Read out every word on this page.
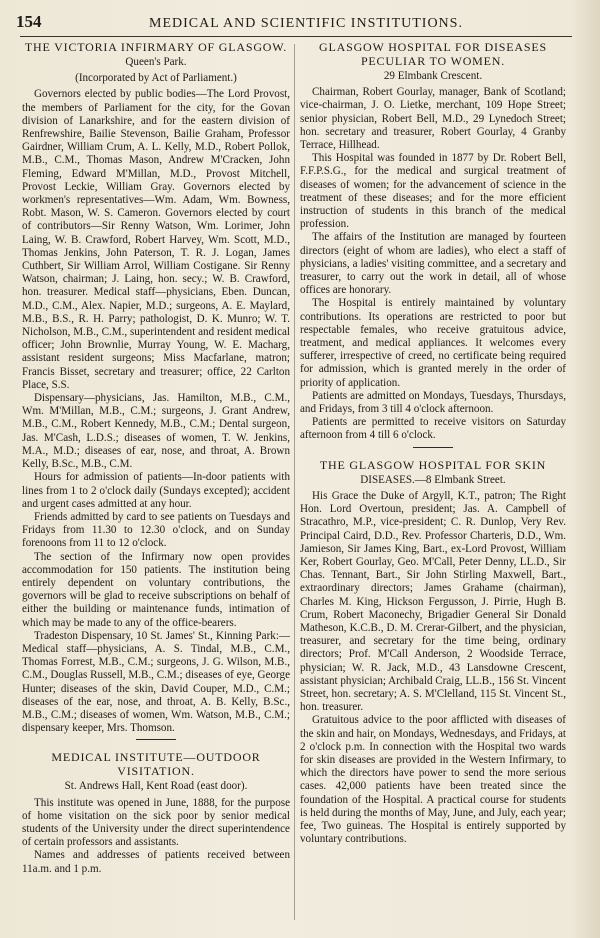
154	MEDICAL AND SCIENTIFIC INSTITUTIONS.
THE VICTORIA INFIRMARY OF GLASGOW.
Queen's Park.
(Incorporated by Act of Parliament.)

Governors elected by public bodies—The Lord Provost, the members of Parliament for the city, for the Govan division of Lanarkshire, and for the eastern division of Renfrewshire, Bailie Stevenson, Bailie Graham, Professor Gairdner, William Crum, A. L. Kelly, M.D., Robert Pollok, M.B., C.M., Thomas Mason, Andrew M'Cracken, John Fleming, Edward M'Millan, M.D., Provost Mitchell, Provost Leckie, William Gray. Governors elected by workmen's representatives—Wm. Adam, Wm. Bowness, Robt. Mason, W. S. Cameron. Governors elected by court of contributors—Sir Renny Watson, Wm. Lorimer, John Laing, W. B. Crawford, Robert Harvey, Wm. Scott, M.D., Thomas Jenkins, John Paterson, T. R. J. Logan, James Cuthbert, Sir William Arrol, William Costigane. Sir Renny Watson, chairman; J. Laing, hon. secy.; W. B. Crawford, hon. treasurer. Medical staff—physicians, Eben. Duncan, M.D., C.M., Alex. Napier, M.D.; surgeons, A. E. Maylard, M.B., B.S., R. H. Parry; pathologist, D. K. Munro; W. T. Nicholson, M.B., C.M., superintendent and resident medical officer; John Brownlie, Murray Young, W. E. Macharg, assistant resident surgeons; Miss Macfarlane, matron; Francis Bisset, secretary and treasurer; office, 22 Carlton Place, S.S.

Dispensary—physicians, Jas. Hamilton, M.B., C.M., Wm. M'Millan, M.B., C.M.; surgeons, J. Grant Andrew, M.B., C.M., Robert Kennedy, M.B., C.M.; Dental surgeon, Jas. M'Cash, L.D.S.; diseases of women, T. W. Jenkins, M.A., M.D.; diseases of ear, nose, and throat, A. Brown Kelly, B.Sc., M.B., C.M.

Hours for admission of patients—In-door patients with lines from 1 to 2 o'clock daily (Sundays excepted); accident and urgent cases admitted at any hour.

Friends admitted by card to see patients on Tuesdays and Fridays from 11.30 to 12.30 o'clock, and on Sunday forenoons from 11 to 12 o'clock.

The section of the Infirmary now open provides accommodation for 150 patients. The institution being entirely dependent on voluntary contributions, the governors will be glad to receive subscriptions on behalf of either the building or maintenance funds, intimation of which may be made to any of the office-bearers.

Tradeston Dispensary, 10 St. James' St., Kinning Park:—Medical staff—physicians, A. S. Tindal, M.B., C.M., Thomas Forrest, M.B., C.M.; surgeons, J. G. Wilson, M.B., C.M., Douglas Russell, M.B., C.M.; diseases of eye, George Hunter; diseases of the skin, David Couper, M.D., C.M.; diseases of the ear, nose, and throat, A. B. Kelly, B.Sc., M.B., C.M.; diseases of women, Wm. Watson, M.B., C.M.; dispensary keeper, Mrs. Thomson.

MEDICAL INSTITUTE—OUTDOOR VISITATION.
St. Andrews Hall, Kent Road (east door).

This institute was opened in June, 1888, for the purpose of home visitation on the sick poor by senior medical students of the University under the direct superintendence of certain professors and assistants.

Names and addresses of patients received between 11a.m. and 1 p.m.

GLASGOW HOSPITAL FOR DISEASES PECULIAR TO WOMEN.
29 Elmbank Crescent.

Chairman, Robert Gourlay, manager, Bank of Scotland; vice-chairman, J. O. Lietke, merchant, 109 Hope Street; senior physician, Robert Bell, M.D., 29 Lynedoch Street; hon. secretary and treasurer, Robert Gourlay, 4 Granby Terrace, Hillhead.

This Hospital was founded in 1877 by Dr. Robert Bell, F.F.P.S.G., for the medical and surgical treatment of diseases of women; for the advancement of science in the treatment of these diseases; and for the more efficient instruction of students in this branch of the medical profession.

The affairs of the Institution are managed by fourteen directors (eight of whom are ladies), who elect a staff of physicians, a ladies' visiting committee, and a secretary and treasurer, to carry out the work in detail, all of whose offices are honorary.

The Hospital is entirely maintained by voluntary contributions. Its operations are restricted to poor but respectable females, who receive gratuitous advice, treatment, and medical appliances. It welcomes every sufferer, irrespective of creed, no certificate being required for admission, which is granted merely in the order of priority of application.

Patients are admitted on Mondays, Tuesdays, Thursdays, and Fridays, from 3 till 4 o'clock afternoon.

Patients are permitted to receive visitors on Saturday afternoon from 4 till 6 o'clock.

THE GLASGOW HOSPITAL FOR SKIN
DISEASES.—8 Elmbank Street.

His Grace the Duke of Argyll, K.T., patron; The Right Hon. Lord Overtoun, president; Jas. A. Campbell of Stracathro, M.P., vice-president; C. R. Dunlop, Very Rev. Principal Caird, D.D., Rev. Professor Charteris, D.D., Wm. Jamieson, Sir James King, Bart., ex-Lord Provost, William Ker, Robert Gourlay, Geo. M'Call, Peter Denny, LL.D., Sir Chas. Tennant, Bart., Sir John Stirling Maxwell, Bart., extraordinary directors; James Grahame (chairman), Charles M. King, Hickson Fergusson, J. Pirrie, Hugh B. Crum, Robert Maconechy, Brigadier General Sir Donald Matheson, K.C.B., D. M. Crerar-Gilbert, and the physician, treasurer, and secretary for the time being, ordinary directors; Prof. M'Call Anderson, 2 Woodside Terrace, physician; W. R. Jack, M.D., 43 Lansdowne Crescent, assistant physician; Archibald Craig, LL.B., 156 St. Vincent Street, hon. secretary; A. S. M'Clelland, 115 St. Vincent St., hon. treasurer.

Gratuitous advice to the poor afflicted with diseases of the skin and hair, on Mondays, Wednesdays, and Fridays, at 2 o'clock p.m. In connection with the Hospital two wards for skin diseases are provided in the Western Infirmary, to which the directors have power to send the more serious cases. 42,000 patients have been treated since the foundation of the Hospital. A practical course for students is held during the months of May, June, and July, each year; fee, Two guineas. The Hospital is entirely supported by voluntary contributions.
